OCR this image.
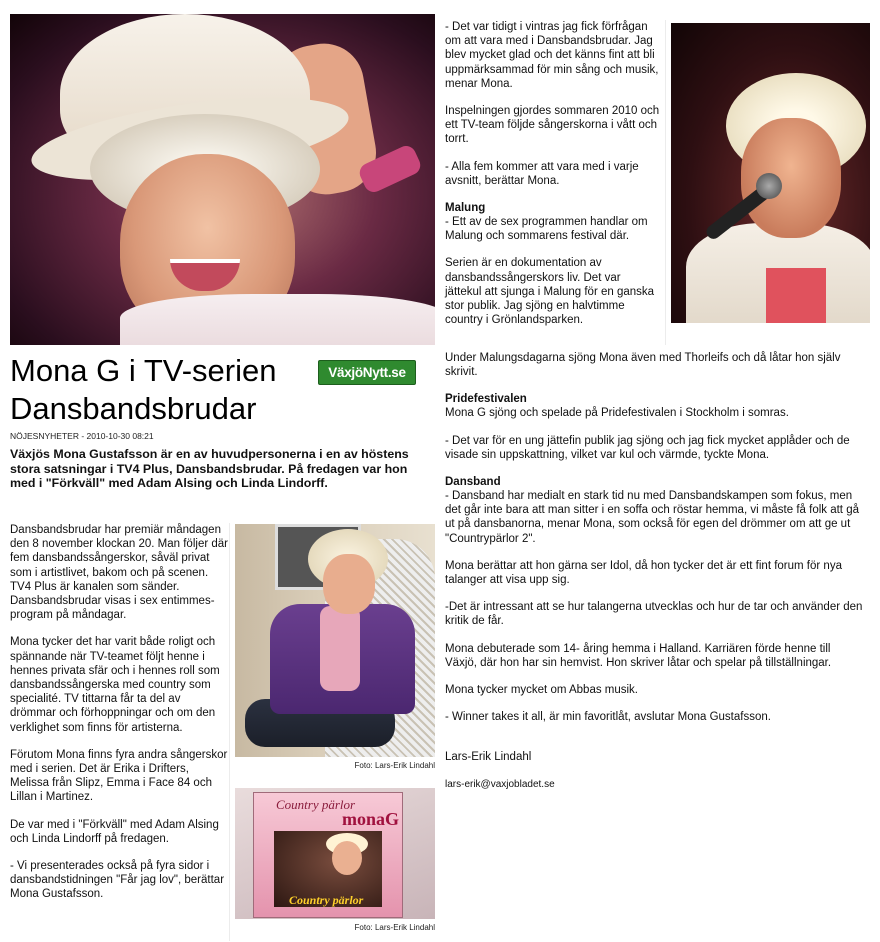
Mona G i TV-serien Dansbandsbrudar
VäxjöNytt.se
NÖJESNYHETER - 2010-10-30 08:21
Växjös Mona Gustafsson är en av huvudpersonerna i en av höstens stora satsningar i TV4 Plus, Dansbandsbrudar. På fredagen var hon med i "Förkväll" med Adam Alsing och Linda Lindorff.

Dansbandsbrudar har premiär måndagen den 8 november klockan 20. Man följer där fem dansbandssångerskor, såväl privat som i artistlivet, bakom och på scenen. TV4 Plus är kanalen som sänder. Dansbandsbrudar visas i sex entimmes- program på måndagar.

Mona tycker det har varit både roligt och spännande när TV-teamet följt henne i hennes privata sfär och i hennes roll som dansbandssångerska med country som specialité. TV tittarna får ta del av drömmar och förhoppningar och om den verklighet som finns för artisterna.

Förutom Mona finns fyra andra sångerskor med i serien. Det är Erika i Drifters, Melissa från Slipz, Emma i Face 84 och Lillan i Martinez.

De var med i "Förkväll" med Adam Alsing och Linda Lindorff på fredagen.

- Vi presenterades också på fyra sidor i dansbandstidningen "Får jag lov", berättar Mona Gustafsson.

Foto: Lars-Erik Lindahl
Country pärlor
monaG
Country pärlor
Foto: Lars-Erik Lindahl

- Det var tidigt i vintras jag fick förfrågan om att vara med i Dansbandsbrudar. Jag blev mycket glad och det känns fint att bli uppmärksammad för min sång och musik, menar Mona.

Inspelningen gjordes sommaren 2010 och ett TV-team följde sångerskorna i vått och torrt.

- Alla fem kommer att vara med i varje avsnitt, berättar Mona.

Malung

- Ett av de sex programmen handlar om Malung och sommarens festival där.

Serien är en dokumentation av dansbandssångerskors liv. Det var jättekul att sjunga i Malung för en ganska stor publik. Jag sjöng en halvtimme country i Grönlandsparken.

Under Malungsdagarna sjöng Mona även med Thorleifs och då låtar hon själv skrivit.

Pridefestivalen

Mona G sjöng och spelade på Pridefestivalen i Stockholm i somras.

- Det var för en ung jättefin publik jag sjöng och jag fick mycket applåder och de visade sin uppskattning, vilket var kul och värmde, tyckte Mona.

Dansband

- Dansband har medialt en stark tid nu med Dansbandskampen som fokus, men det går inte bara att man sitter i en soffa och röstar hemma, vi måste få folk att gå ut på dansbanorna, menar Mona, som också för egen del drömmer om att ge ut "Countrypärlor 2".

Mona berättar att hon gärna ser Idol, då hon tycker det är ett fint forum för nya talanger att visa upp sig.

-Det är intressant att se hur talangerna utvecklas och hur de tar och använder den kritik de får.

Mona debuterade som 14- åring hemma i Halland. Karriären förde henne till Växjö, där hon har sin hemvist. Hon skriver låtar och spelar på tillställningar.

Mona tycker mycket om Abbas musik.

- Winner takes it all, är min favoritlåt, avslutar Mona Gustafsson.

Lars-Erik Lindahl

lars-erik@vaxjobladet.se
